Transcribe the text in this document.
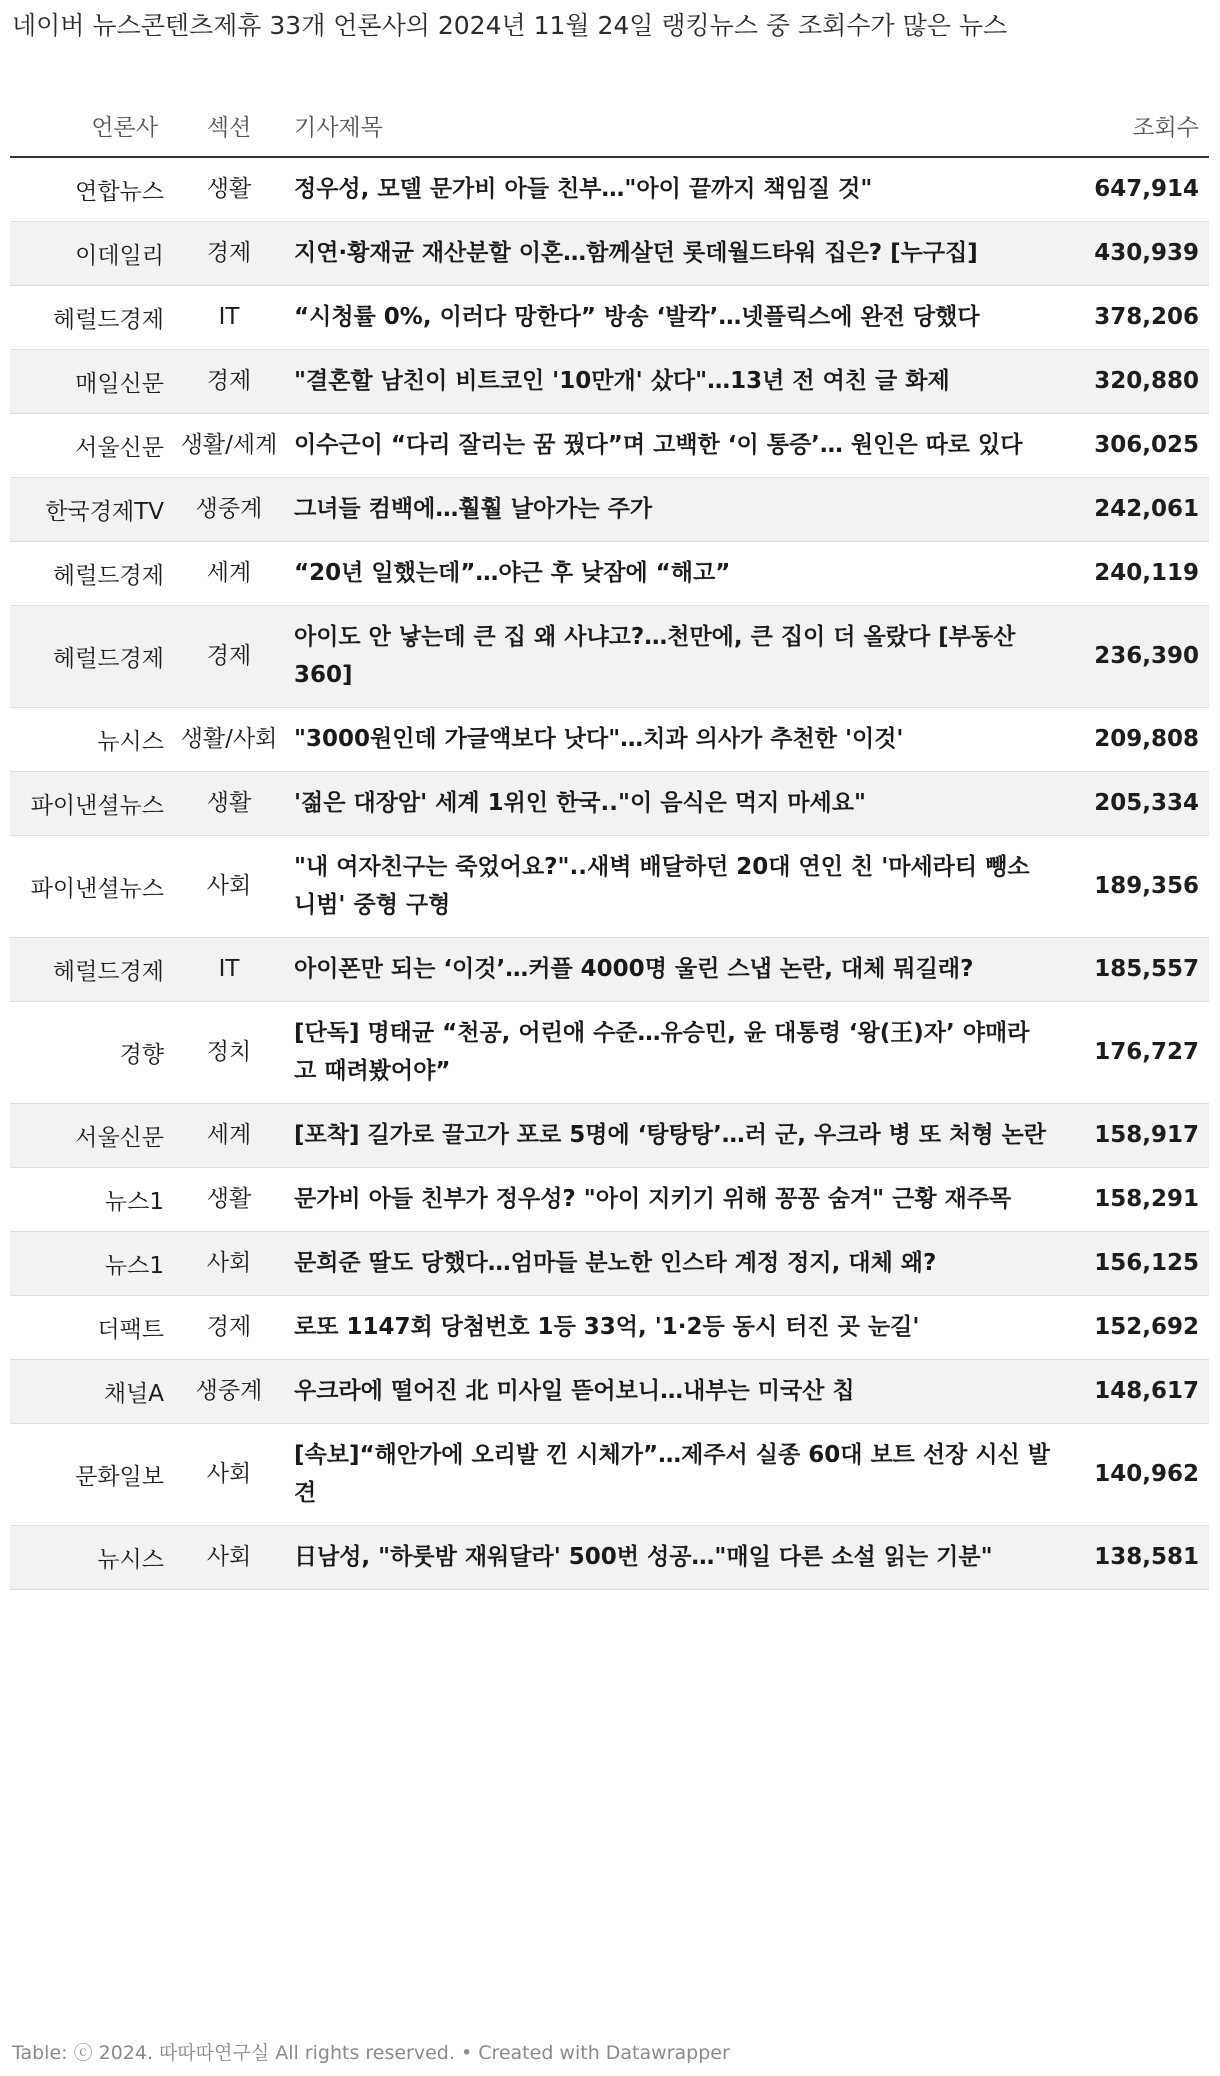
네이버 뉴스콘텐츠제휴 33개 언론사의 2024년 11월 24일 랭킹뉴스 중 조회수가 많은 뉴스
언론사	섹션	기사제목	조회수
연합뉴스	생활	정우성, 모델 문가비 아들 친부…"아이 끝까지 책임질 것"	647,914
이데일리	경제	지연·황재균 재산분할 이혼…함께살던 롯데월드타워 집은? [누구집]	430,939
헤럴드경제	IT	“시청률 0%, 이러다 망한다” 방송 ‘발칵’…넷플릭스에 완전 당했다	378,206
매일신문	경제	"결혼할 남친이 비트코인 '10만개' 샀다"…13년 전 여친 글 화제	320,880
서울신문	생활/세계	이수근이 “다리 잘리는 꿈 꿨다”며 고백한 ‘이 통증’… 원인은 따로 있다	306,025
한국경제TV	생중계	그녀들 컴백에…훨훨 날아가는 주가	242,061
헤럴드경제	세계	“20년 일했는데”…야근 후 낮잠에 “해고”	240,119
헤럴드경제	경제	아이도 안 낳는데 큰 집 왜 사냐고?…천만에, 큰 집이 더 올랐다 [부동산360]	236,390
뉴시스	생활/사회	"3000원인데 가글액보다 낫다"…치과 의사가 추천한 '이것'	209,808
파이낸셜뉴스	생활	'젊은 대장암' 세계 1위인 한국.."이 음식은 먹지 마세요"	205,334
파이낸셜뉴스	사회	"내 여자친구는 죽었어요?"..새벽 배달하던 20대 연인 친 '마세라티 뺑소니범' 중형 구형	189,356
헤럴드경제	IT	아이폰만 되는 ‘이것’…커플 4000명 울린 스냅 논란, 대체 뭐길래?	185,557
경향	정치	[단독] 명태균 “천공, 어린애 수준…유승민, 윤 대통령 ‘왕(王)자’ 야매라고 때려봤어야”	176,727
서울신문	세계	[포착] 길가로 끌고가 포로 5명에 ‘탕탕탕’…러 군, 우크라 병 또 처형 논란	158,917
뉴스1	생활	문가비 아들 친부가 정우성? "아이 지키기 위해 꽁꽁 숨겨" 근황 재주목	158,291
뉴스1	사회	문희준 딸도 당했다…엄마들 분노한 인스타 계정 정지, 대체 왜?	156,125
더팩트	경제	로또 1147회 당첨번호 1등 33억, '1·2등 동시 터진 곳 눈길'	152,692
채널A	생중계	우크라에 떨어진 北 미사일 뜯어보니…내부는 미국산 칩	148,617
문화일보	사회	[속보]“해안가에 오리발 낀 시체가”…제주서 실종 60대 보트 선장 시신 발견	140,962
뉴시스	사회	日남성, "하룻밤 재워달라' 500번 성공…"매일 다른 소설 읽는 기분"	138,581
Table: ⓒ 2024. 따따따연구실 All rights reserved. • Created with Datawrapper
